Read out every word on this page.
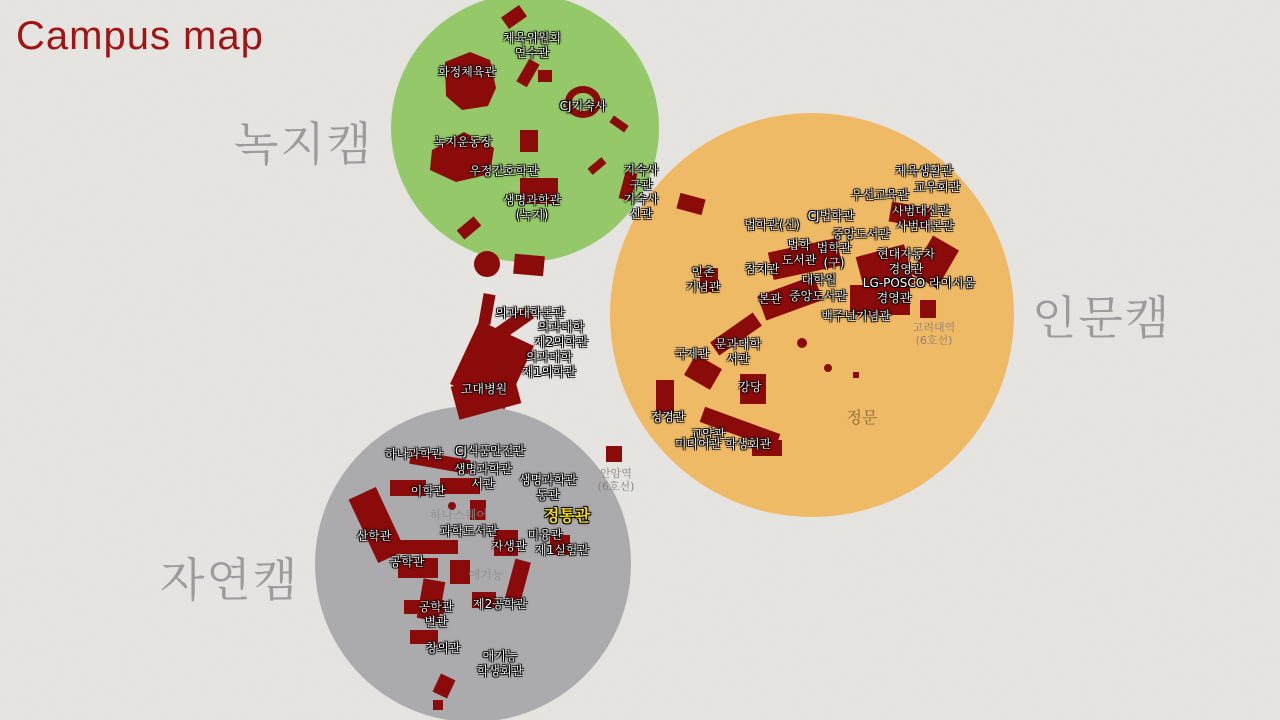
Campus map
녹지캠
인문캠
자연캠
화정체육관
체육위원회
연수관
CJ기숙사
녹지운동장
우정간호학관
생명과학관
(녹지)
기숙사
구관
기숙사
신관
의과대학본관
의과대학
제2의학관
의과대학
제1의학관
고대병원
체육생활관
교우회관
우선교육관
사범대신관
사범대본관
법학관(신)
CJ법학관
중앙도서관
법학
도서관
법학관
(구)
현대자동차
경영관
인촌
기념관
참치관
대학원 LG-POSCO
경영관
라이시움
본관 중앙도서관
백주년기념관
국제관
문과대학
서관
강당
정경관
교양관
미디어관 학생회관
하나과학관 CJ식품안전관
생명과학관
서관	생명과학관
동관
이학관
정통관
산학관	과학도서관
자생관
미융관
제1실험관
공학관
공학관
별관
제2공학관
창의관
애기능
학생회관
안암역
(6호선)
고려대역
(6호선)
하나스퀘어
애기능
정문
